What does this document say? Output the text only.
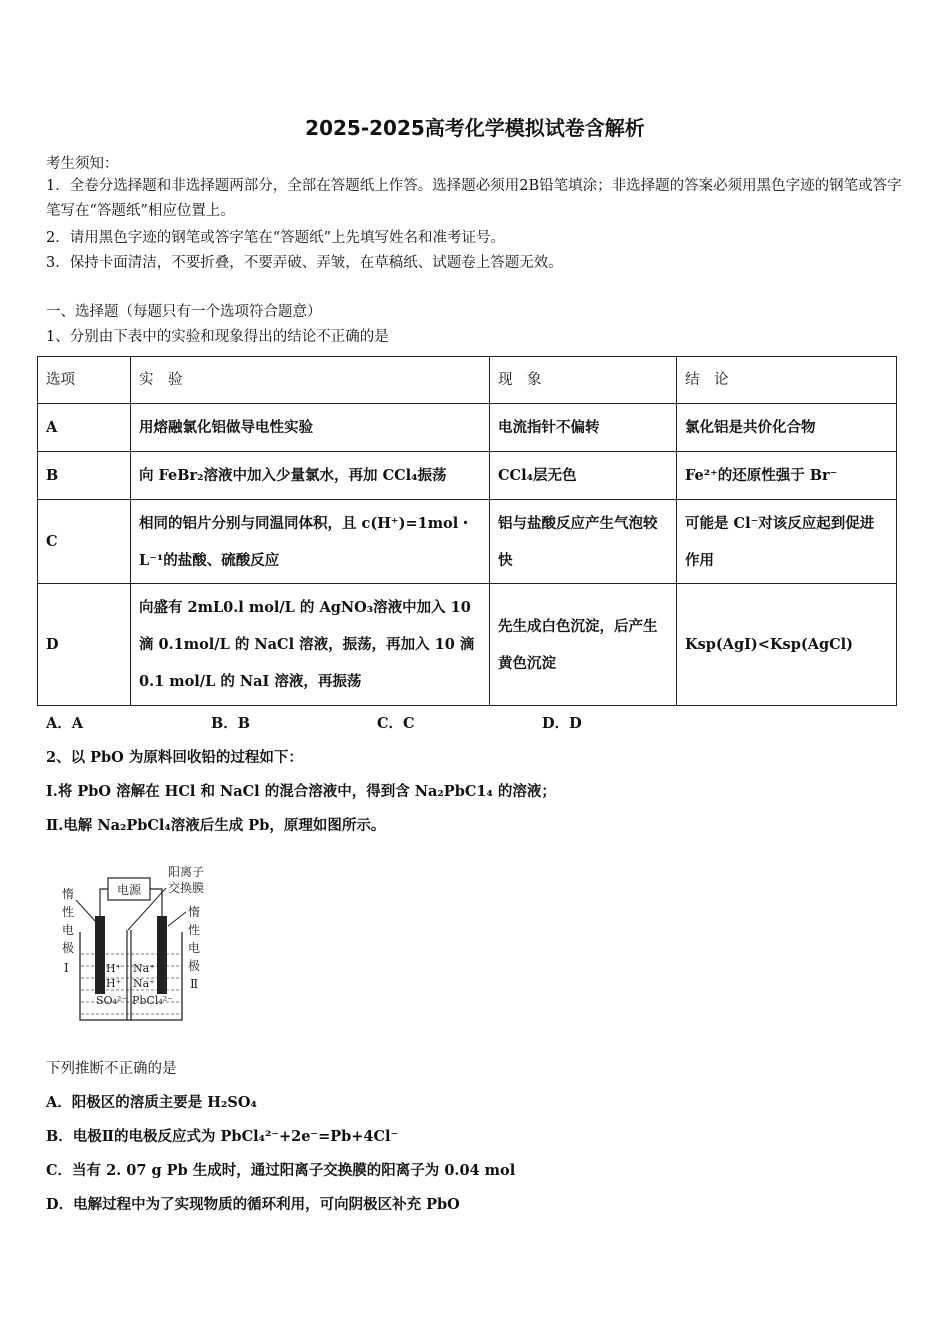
2025-2025高考化学模拟试卷含解析
考生须知：
1．全卷分选择题和非选择题两部分，全部在答题纸上作答。选择题必须用2B铅笔填涂；非选择题的答案必须用黑色字迹的钢笔或答字笔写在“答题纸”相应位置上。
2．请用黑色字迹的钢笔或答字笔在“答题纸”上先填写姓名和准考证号。
3．保持卡面清洁，不要折叠，不要弄破、弄皱，在草稿纸、试题卷上答题无效。
一、选择题（每题只有一个选项符合题意）
1、分别由下表中的实验和现象得出的结论不正确的是
选项	实　验	现　象	结　论
A	用熔融氯化铝做导电性实验	电流指针不偏转	氯化铝是共价化合物
B	向 FeBr₂溶液中加入少量氯水，再加 CCl₄振荡	CCl₄层无色	Fe²⁺的还原性强于 Br⁻
C	相同的铝片分别与同温同体积，且 c(H⁺)=1mol・L⁻¹的盐酸、硫酸反应	铝与盐酸反应产生气泡较快	可能是 Cl⁻对该反应起到促进作用
D	向盛有 2mL0.l mol/L 的 AgNO₃溶液中加入 10 滴 0.1mol/L 的 NaCl 溶液，振荡，再加入 10 滴 0.1 mol/L 的 NaI 溶液，再振荡	先生成白色沉淀，后产生黄色沉淀	Ksp(AgI)<Ksp(AgCl)
A．A	B．B	C．C	D．D
2、以 PbO 为原料回收铅的过程如下：
Ⅰ.将 PbO 溶解在 HCl 和 NaCl 的混合溶液中，得到含 Na₂PbC1₄ 的溶液；
Ⅱ.电解 Na₂PbCl₄溶液后生成 Pb，原理如图所示。
电源
阳离子
交换膜
惰
性
电
极
Ⅰ
惰
性
电
极
Ⅱ
H⁺
H⁺
SO₄²⁻
Na⁺
Na⁺
PbCl₄²⁻
下列推断不正确的是
A．阳极区的溶质主要是 H₂SO₄
B．电极Ⅱ的电极反应式为 PbCl₄²⁻+2e⁻=Pb+4Cl⁻
C．当有 2. 07 g Pb 生成时，通过阳离子交换膜的阳离子为 0.04 mol
D．电解过程中为了实现物质的循环利用，可向阴极区补充 PbO
